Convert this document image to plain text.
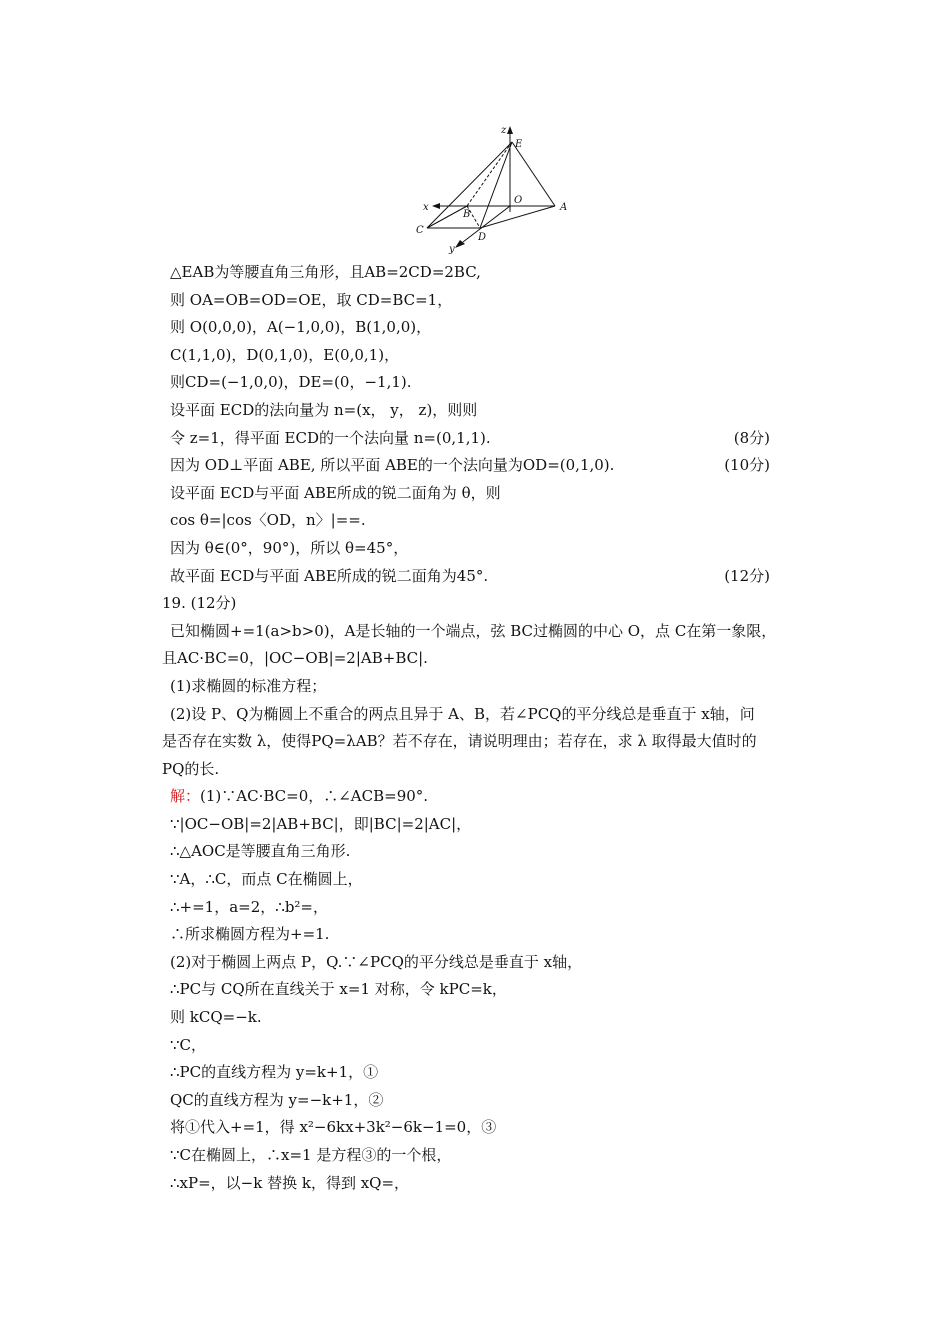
z
E
x
O
A
B
C
D
y
△EAB为等腰直角三角形，且AB=2CD=2BC,
则 OA=OB=OD=OE，取 CD=BC=1，
则 O(0,0,0)，A(−1,0,0)，B(1,0,0)，
C(1,1,0)，D(0,1,0)，E(0,0,1)，
则CD=(−1,0,0)，DE=(0，−1,1).
设平面 ECD的法向量为 n=(x， y， z)，则则
令 z=1，得平面 ECD的一个法向量 n=(0,1,1).	(8分)
因为 OD⊥平面 ABE, 所以平面 ABE的一个法向量为OD=(0,1,0).	(10分)
设平面 ECD与平面 ABE所成的锐二面角为 θ，则
cos θ=|cos〈OD，n〉|==.
因为 θ∈(0°，90°)，所以 θ=45°，
故平面 ECD与平面 ABE所成的锐二面角为45°.	(12分)
19. (12分)
已知椭圆+=1(a>b>0)，A是长轴的一个端点，弦 BC过椭圆的中心 O，点 C在第一象限，
且AC·BC=0，|OC−OB|=2|AB+BC|.
(1)求椭圆的标准方程；
(2)设 P、Q为椭圆上不重合的两点且异于 A、B，若∠PCQ的平分线总是垂直于 x轴，问
是否存在实数 λ，使得PQ=λAB？若不存在，请说明理由；若存在，求 λ 取得最大值时的
PQ的长.
解：(1)∵AC·BC=0，∴∠ACB=90°.
∵|OC−OB|=2|AB+BC|，即|BC|=2|AC|，
∴△AOC是等腰直角三角形.
∵A，∴C，而点 C在椭圆上，
∴+=1，a=2，∴b²=，
∴所求椭圆方程为+=1.
(2)对于椭圆上两点 P，Q.∵∠PCQ的平分线总是垂直于 x轴，
∴PC与 CQ所在直线关于 x=1 对称，令 kPC=k，
则 kCQ=−k.
∵C，
∴PC的直线方程为 y=k+1，①
QC的直线方程为 y=−k+1，②
将①代入+=1，得 x²−6kx+3k²−6k−1=0，③
∵C在椭圆上，∴x=1 是方程③的一个根，
∴xP=，以−k 替换 k，得到 xQ=，
